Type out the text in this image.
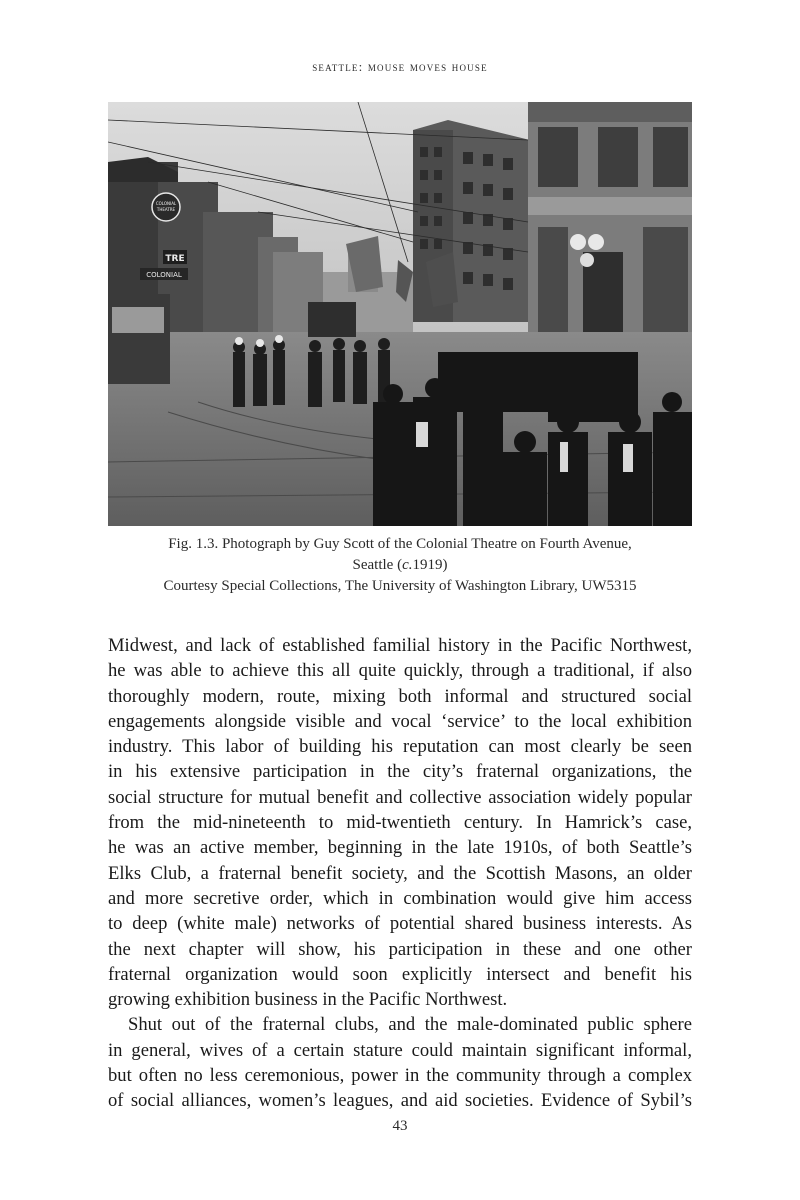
seattle: mouse moves house
COLONIAL
THEATRE
TRE
COLONIAL
Fig. 1.3. Photograph by Guy Scott of the Colonial Theatre on Fourth Avenue,
Seattle (c.1919)
Courtesy Special Collections, The University of Washington Library, UW5315
Midwest, and lack of established familial history in the Pacific Northwest,
he was able to achieve this all quite quickly, through a traditional, if also
thoroughly modern, route, mixing both informal and structured social
engagements alongside visible and vocal ‘service’ to the local exhibition
industry. This labor of building his reputation can most clearly be seen
in his extensive participation in the city’s fraternal organizations, the
social structure for mutual benefit and collective association widely popular
from the mid-nineteenth to mid-twentieth century. In Hamrick’s case,
he was an active member, beginning in the late 1910s, of both Seattle’s
Elks Club, a fraternal benefit society, and the Scottish Masons, an older
and more secretive order, which in combination would give him access
to deep (white male) networks of potential shared business interests. As
the next chapter will show, his participation in these and one other
fraternal organization would soon explicitly intersect and benefit his
growing exhibition business in the Pacific Northwest.
Shut out of the fraternal clubs, and the male-dominated public sphere
in general, wives of a certain stature could maintain significant informal,
but often no less ceremonious, power in the community through a complex
of social alliances, women’s leagues, and aid societies. Evidence of Sybil’s
43
